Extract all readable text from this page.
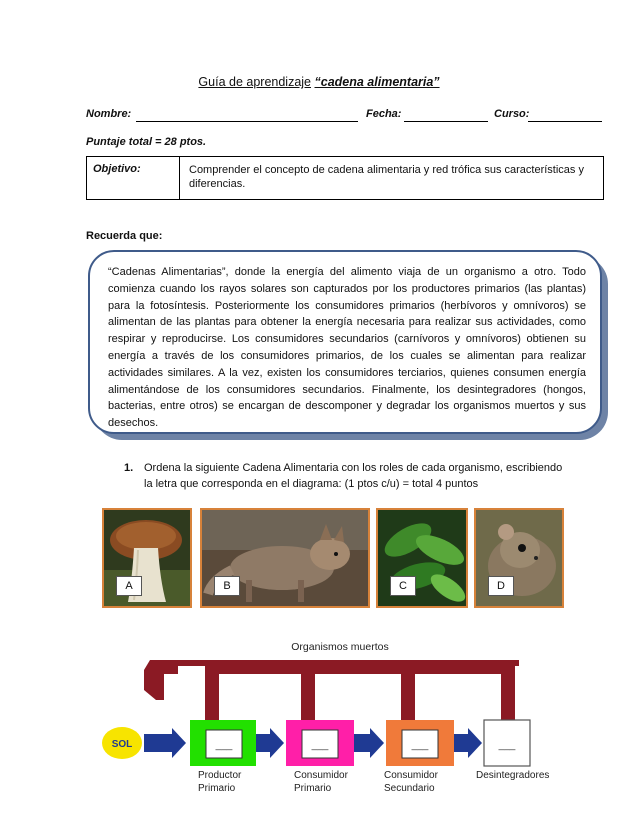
Guía de aprendizaje “cadena alimentaria”
Nombre:	Fecha:	Curso:
Puntaje total = 28 ptos.
Objetivo:	Comprender el concepto de cadena alimentaria y red trófica sus características y diferencias.
Recuerda que:
“Cadenas Alimentarias”, donde la energía del alimento viaja de un organismo a otro. Todo comienza cuando los rayos solares son capturados por los productores primarios (las plantas) para la fotosíntesis. Posteriormente los consumidores primarios (herbívoros y omnívoros) se alimentan de las plantas para obtener la energía necesaria para realizar sus actividades, como respirar y reproducirse. Los consumidores secundarios (carnívoros y omnívoros) obtienen su energía a través de los consumidores primarios, de los cuales se alimentan para realizar actividades similares. A la vez, existen los consumidores terciarios, quienes consumen energía alimentándose de los consumidores secundarios. Finalmente, los desintegradores (hongos, bacterias, entre otros) se encargan de descomponer y degradar los organismos muertos y sus desechos.
1. Ordena la siguiente Cadena Alimentaria con los roles de cada organismo, escribiendo la letra que corresponda en el diagrama: (1 ptos c/u) = total 4 puntos
A	B	C	D
Organismos muertos
SOL	___	___	___	___
Productor
Primario
Consumidor
Primario
Consumidor
Secundario
Desintegradores
